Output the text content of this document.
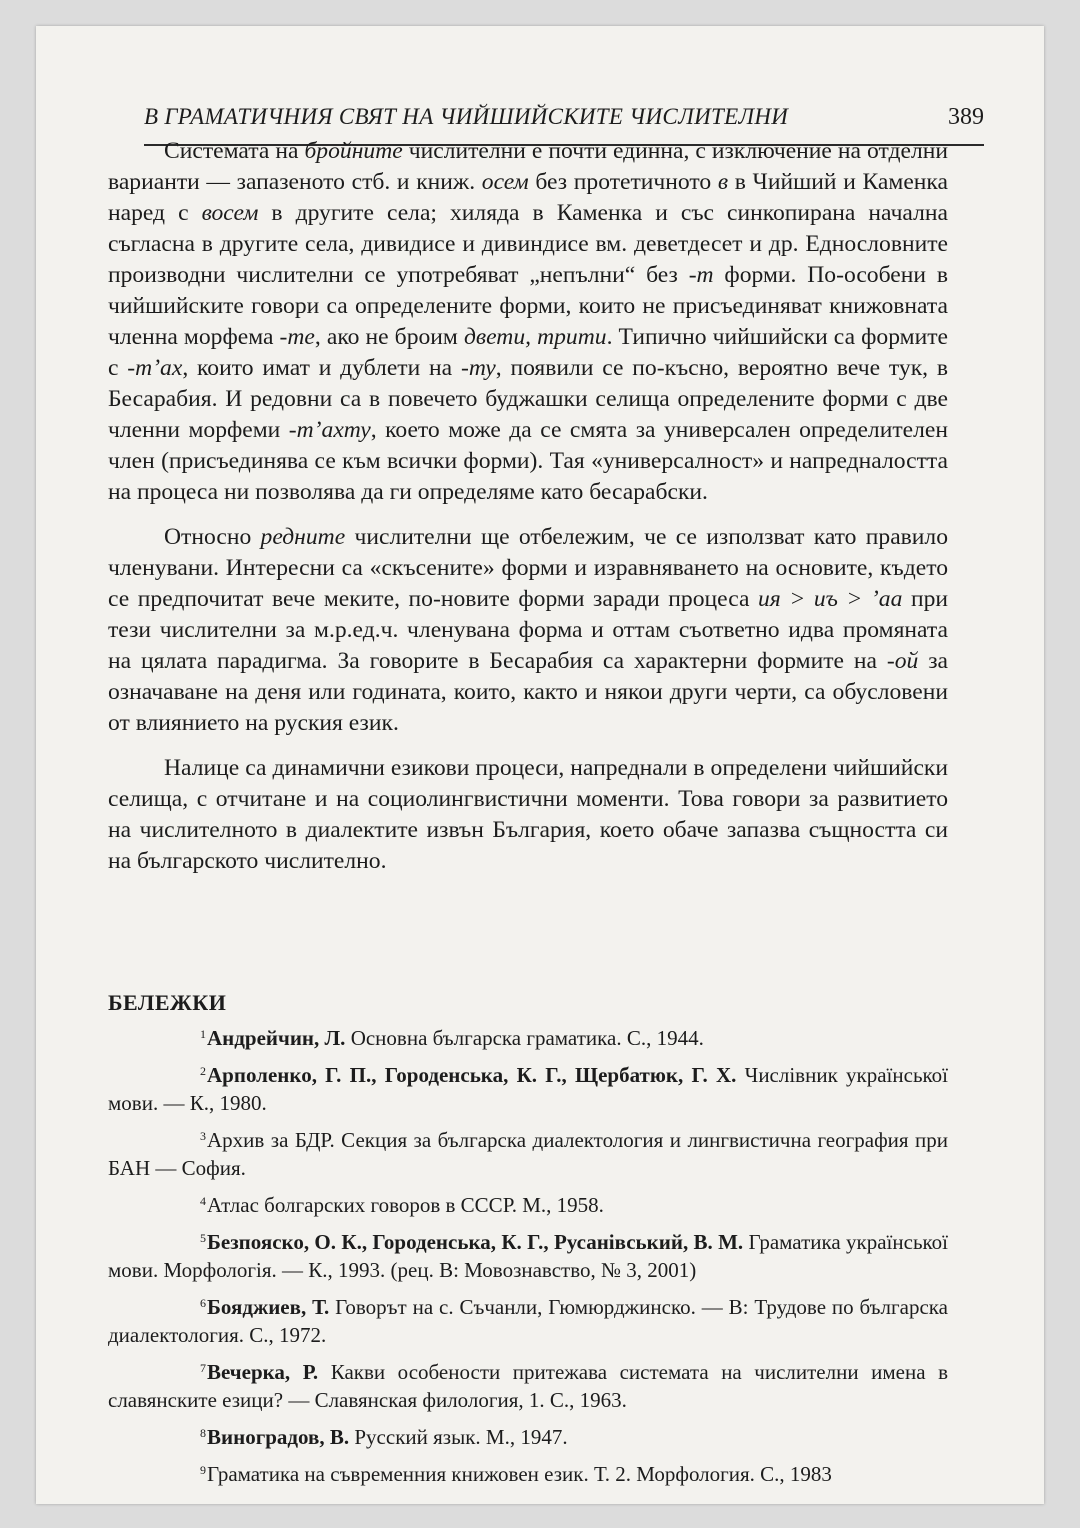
В ГРАМАТИЧНИЯ СВЯТ НА ЧИЙШИЙСКИТЕ ЧИСЛИТЕЛНИ	389

Системата на бройните числителни е почти единна, с изключение на отделни варианти — запазеното стб. и книж. осем без протетичното в в Чийший и Каменка наред с восем в другите села; хиляда в Каменка и със синкопирана начална съгласна в другите села, дивидисе и дивиндисе вм. деветдесет и др. Еднословните производни числителни се употребяват „непълни“ без -т форми. По-особени в чийшийските говори са определените форми, които не присъединяват книжовната членна морфема -те, ако не броим двети, трити. Типично чийшийски са формите с -т’ах, които имат и дублети на -ту, появили се по-късно, вероятно вече тук, в Бесарабия. И редовни са в повечето буджашки селища определените форми с две членни морфеми -т’ахту, което може да се смята за универсален определителен член (присъединява се към всички форми). Тая «универсалност» и напредналостта на процеса ни позволява да ги определяме като бесарабски.

Относно редните числителни ще отбележим, че се използват като правило членувани. Интересни са «скъсените» форми и изравняването на основите, където се предпочитат вече меките, по-новите форми заради процеса ия > иъ > ’аа при тези числителни за м.р.ед.ч. членувана форма и оттам съответно идва промяната на цялата парадигма. За говорите в Бесарабия са характерни формите на -ой за означаване на деня или годината, които, както и някои други черти, са обусловени от влиянието на руския език.

Налице са динамични езикови процеси, напреднали в определени чийшийски селища, с отчитане и на социолингвистични моменти. Това говори за развитието на числителното в диалектите извън България, което обаче запазва същността си на българското числително.

БЕЛЕЖКИ

$^1$Андрейчин, Л. Основна българска граматика. С., 1944.

$^2$Арполенко, Г. П., Городенська, К. Г., Щербатюк, Г. Х. Числівник української мови. — К., 1980.

$^3$Архив за БДР. Секция за българска диалектология и лингвистична география при БАН — София.

$^4$Атлас болгарских говоров в СССР. М., 1958.

$^5$Безпояско, О. К., Городенська, К. Г., Русанівський, В. М. Граматика української мови. Морфологія. — К., 1993. (рец. В: Мовознавство, № 3, 2001)

$^6$Бояджиев, Т. Говорът на с. Съчанли, Гюмюрджинско. — В: Трудове по българска диалектология. С., 1972.

$^7$Вечерка, Р. Какви особености притежава системата на числителни имена в славянските езици? — Славянская филология, 1. С., 1963.

$^8$Виноградов, В. Русский язык. М., 1947.

$^9$Граматика на съвременния книжовен език. Т. 2. Морфология. С., 1983
